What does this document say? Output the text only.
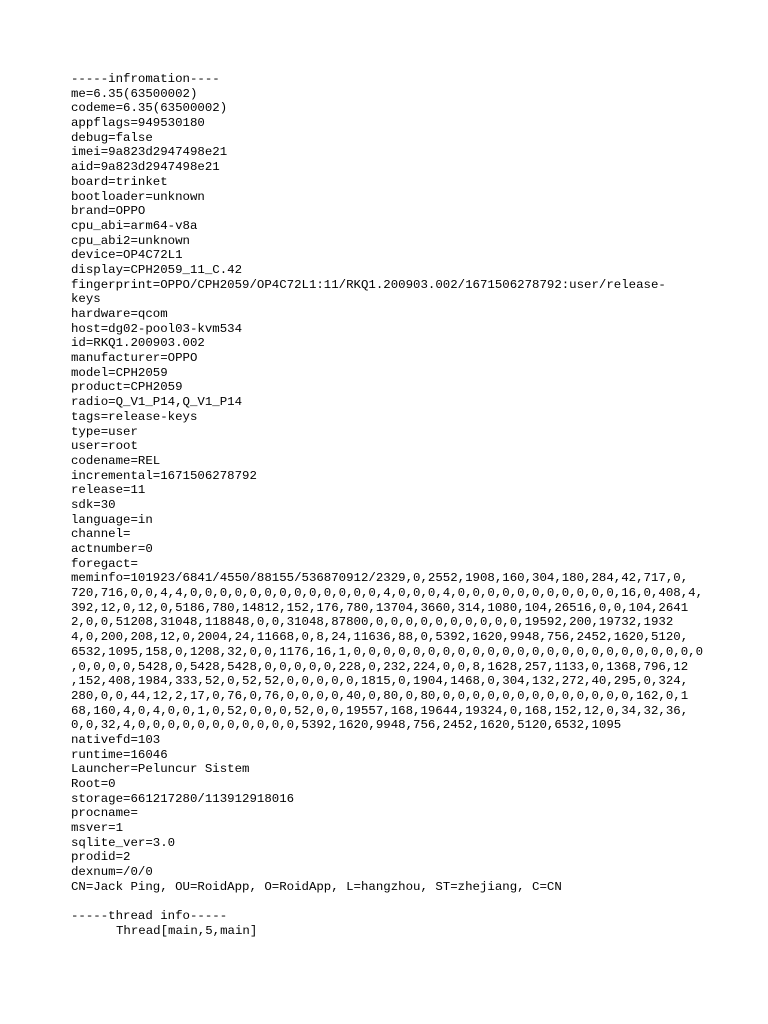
-----infromation----
me=6.35(63500002)
codeme=6.35(63500002)
appflags=949530180
debug=false
imei=9a823d2947498e21
aid=9a823d2947498e21
board=trinket
bootloader=unknown
brand=OPPO
cpu_abi=arm64-v8a
cpu_abi2=unknown
device=OP4C72L1
display=CPH2059_11_C.42
fingerprint=OPPO/CPH2059/OP4C72L1:11/RKQ1.200903.002/1671506278792:user/release-
keys
hardware=qcom
host=dg02-pool03-kvm534
id=RKQ1.200903.002
manufacturer=OPPO
model=CPH2059
product=CPH2059
radio=Q_V1_P14,Q_V1_P14
tags=release-keys
type=user
user=root
codename=REL
incremental=1671506278792
release=11
sdk=30
language=in
channel=
actnumber=0
foregact=
meminfo=101923/6841/4550/88155/536870912/2329,0,2552,1908,160,304,180,284,42,717,0,
720,716,0,0,4,4,0,0,0,0,0,0,0,0,0,0,0,0,0,4,0,0,0,4,0,0,0,0,0,0,0,0,0,0,0,16,0,408,4,
392,12,0,12,0,5186,780,14812,152,176,780,13704,3660,314,1080,104,26516,0,0,104,2641
2,0,0,51208,31048,118848,0,0,31048,87800,0,0,0,0,0,0,0,0,0,0,19592,200,19732,1932
4,0,200,208,12,0,2004,24,11668,0,8,24,11636,88,0,5392,1620,9948,756,2452,1620,5120,
6532,1095,158,0,1208,32,0,0,1176,16,1,0,0,0,0,0,0,0,0,0,0,0,0,0,0,0,0,0,0,0,0,0,0,0,0
,0,0,0,0,5428,0,5428,5428,0,0,0,0,0,228,0,232,224,0,0,8,1628,257,1133,0,1368,796,12
,152,408,1984,333,52,0,52,52,0,0,0,0,0,1815,0,1904,1468,0,304,132,272,40,295,0,324,
280,0,0,44,12,2,17,0,76,0,76,0,0,0,0,40,0,80,0,80,0,0,0,0,0,0,0,0,0,0,0,0,0,162,0,1
68,160,4,0,4,0,0,1,0,52,0,0,0,52,0,0,19557,168,19644,19324,0,168,152,12,0,34,32,36,
0,0,32,4,0,0,0,0,0,0,0,0,0,0,0,5392,1620,9948,756,2452,1620,5120,6532,1095
nativefd=103
runtime=16046
Launcher=Peluncur Sistem
Root=0
storage=661217280/113912918016
procname=
msver=1
sqlite_ver=3.0
prodid=2
dexnum=/0/0
CN=Jack Ping, OU=RoidApp, O=RoidApp, L=hangzhou, ST=zhejiang, C=CN
-----thread info-----
Thread[main,5,main]
